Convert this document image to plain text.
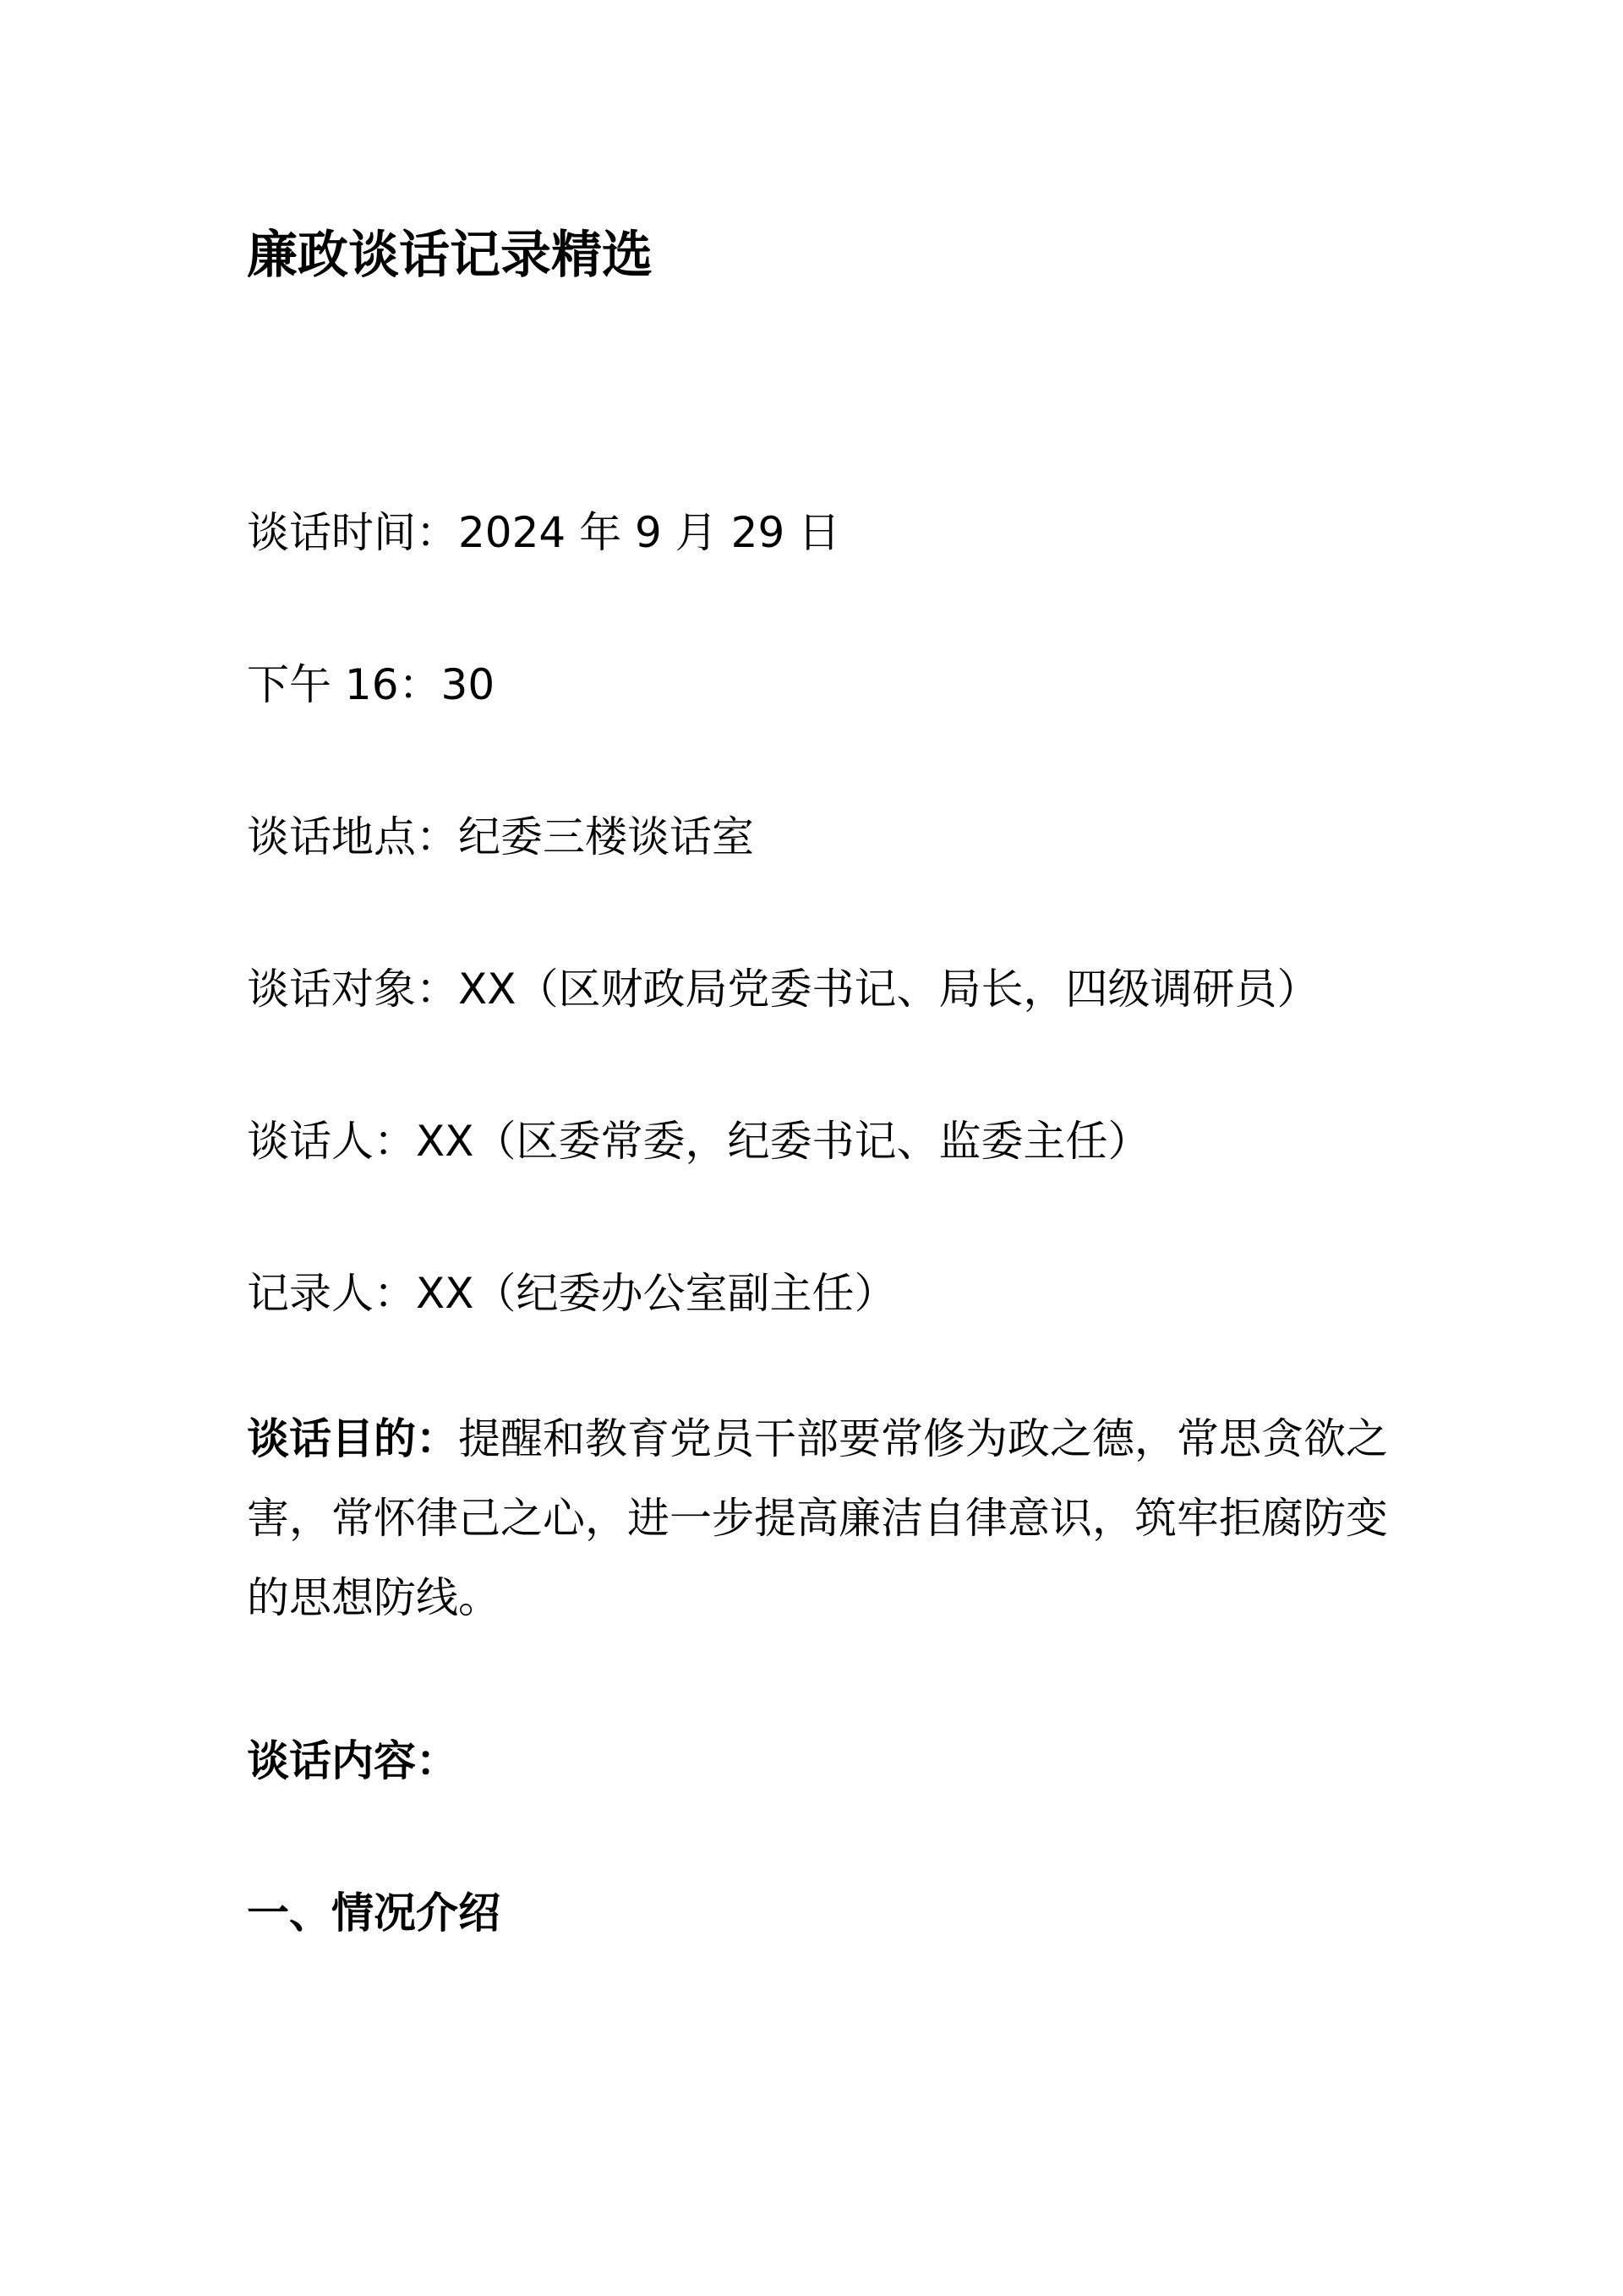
廉政谈话记录精选

谈话时间：2024 年 9 月 29 日

下午 16：30

谈话地点：纪委三楼谈话室

谈话对象：XX（区财政局党委书记、局长，四级调研员）

谈话人：XX（区委常委，纪委书记、监委主任）

记录人：XX（纪委办公室副主任）

谈话目的：提醒和教育党员干部要常修为政之德，常思贪欲之害，常怀律己之心，进一步提高廉洁自律意识，筑牢拒腐防变的思想防线。

谈话内容：

一、情况介绍
